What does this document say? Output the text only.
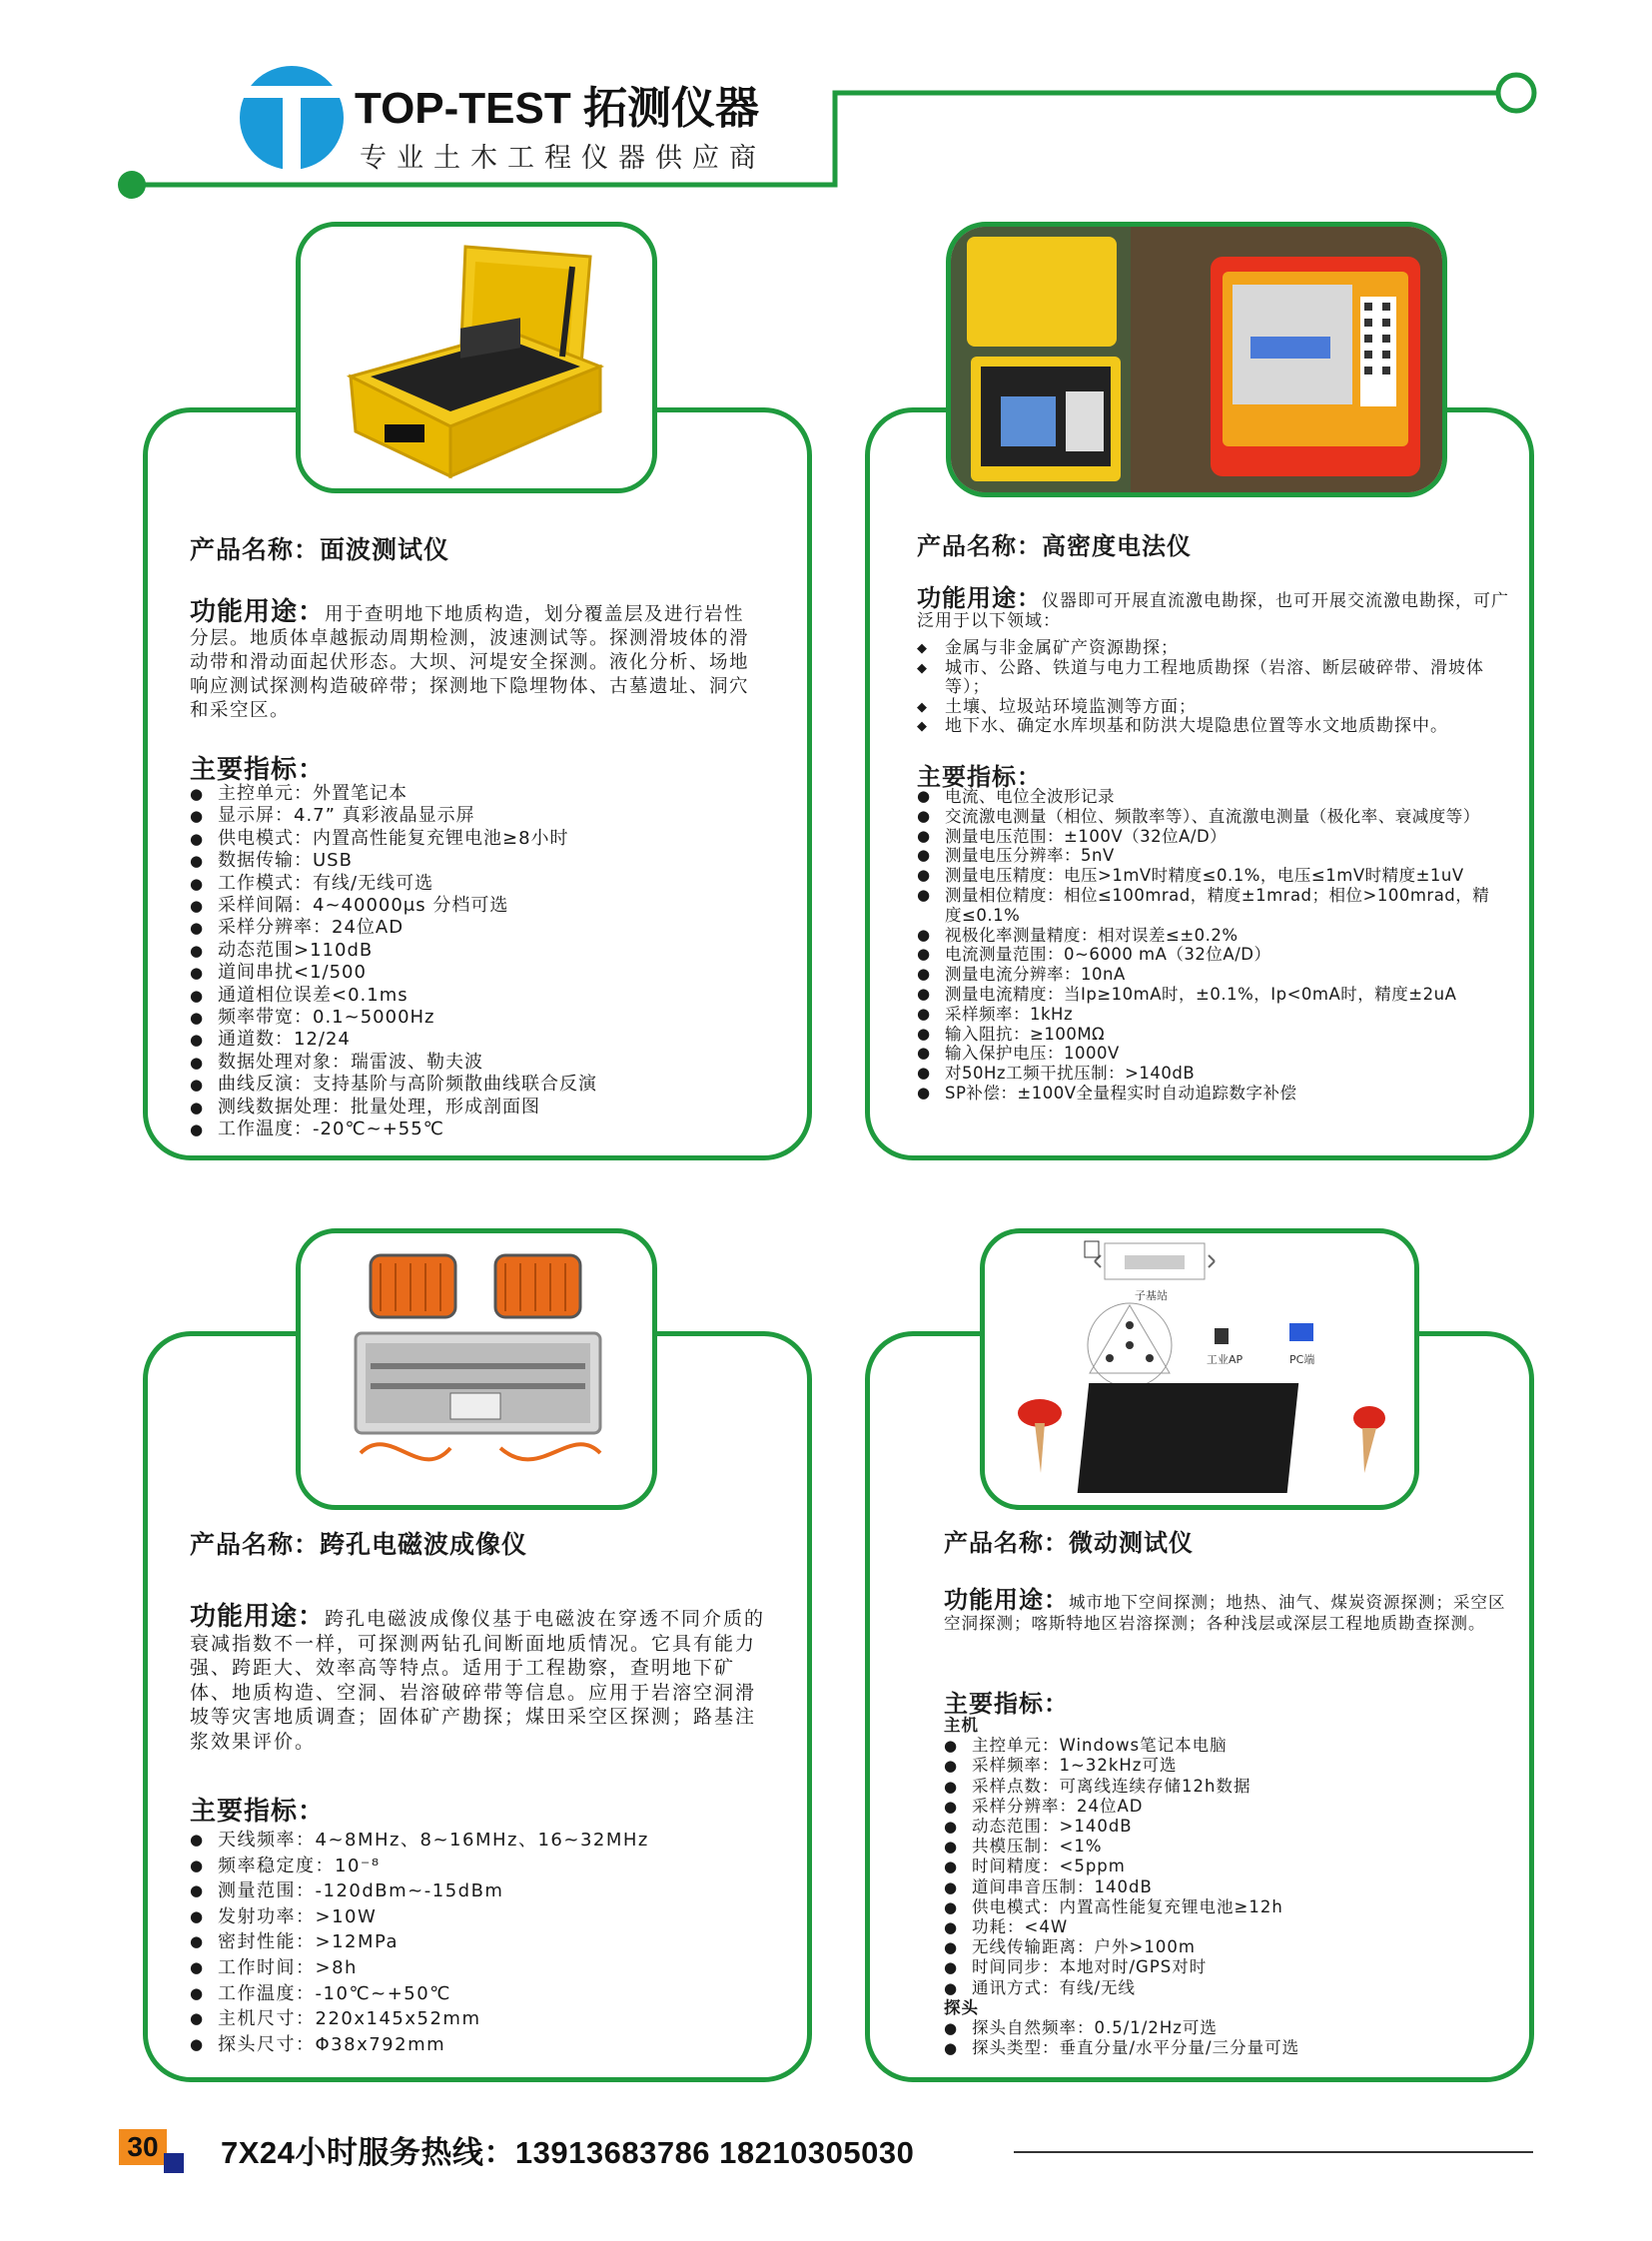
TOP-TEST 拓测仪器
专业土木工程仪器供应商
产品名称：面波测试仪
功能用途：用于查明地下地质构造，划分覆盖层及进行岩性分层。地质体卓越振动周期检测，波速测试等。探测滑坡体的滑动带和滑动面起伏形态。大坝、河堤安全探测。液化分析、场地响应测试探测构造破碎带；探测地下隐埋物体、古墓遗址、洞穴和采空区。
主要指标：
● 主控单元：外置笔记本
● 显示屏：4.7” 真彩液晶显示屏
● 供电模式：内置高性能复充锂电池≥8小时
● 数据传输：USB
● 工作模式：有线/无线可选
● 采样间隔：4~40000μs 分档可选
● 采样分辨率：24位AD
● 动态范围>110dB
● 道间串扰<1/500
● 通道相位误差<0.1ms
● 频率带宽：0.1~5000Hz
● 通道数：12/24
● 数据处理对象：瑞雷波、勒夫波
● 曲线反演：支持基阶与高阶频散曲线联合反演
● 测线数据处理：批量处理，形成剖面图
● 工作温度：-20℃~+55℃
产品名称：高密度电法仪
功能用途：仪器即可开展直流激电勘探，也可开展交流激电勘探，可广泛用于以下领域：
◆ 金属与非金属矿产资源勘探；
◆ 城市、公路、铁道与电力工程地质勘探（岩溶、断层破碎带、滑坡体等）；
◆ 土壤、垃圾站环境监测等方面；
◆ 地下水、确定水库坝基和防洪大堤隐患位置等水文地质勘探中。
主要指标：
● 电流、电位全波形记录
● 交流激电测量（相位、频散率等）、直流激电测量（极化率、衰减度等）
● 测量电压范围：±100V（32位A/D）
● 测量电压分辨率：5nV
● 测量电压精度：电压>1mV时精度≤0.1%，电压≤1mV时精度±1uV
● 测量相位精度：相位≤100mrad，精度±1mrad；相位>100mrad，精度≤0.1%
● 视极化率测量精度：相对误差≤±0.2%
● 电流测量范围：0~6000 mA（32位A/D）
● 测量电流分辨率：10nA
● 测量电流精度：当Ip≥10mA时，±0.1%，Ip<0mA时，精度±2uA
● 采样频率：1kHz
● 输入阻抗：≥100MΩ
● 输入保护电压：1000V
● 对50Hz工频干扰压制：>140dB
● SP补偿：±100V全量程实时自动追踪数字补偿
产品名称：跨孔电磁波成像仪
功能用途：跨孔电磁波成像仪基于电磁波在穿透不同介质的衰减指数不一样，可探测两钻孔间断面地质情况。它具有能力强、跨距大、效率高等特点。适用于工程勘察，查明地下矿体、地质构造、空洞、岩溶破碎带等信息。应用于岩溶空洞滑坡等灾害地质调查；固体矿产勘探；煤田采空区探测；路基注浆效果评价。
主要指标：
● 天线频率：4~8MHz、8~16MHz、16~32MHz
● 频率稳定度：10⁻⁸
● 测量范围：-120dBm~-15dBm
● 发射功率：>10W
● 密封性能：>12MPa
● 工作时间：>8h
● 工作温度：-10℃~+50℃
● 主机尺寸：220x145x52mm
● 探头尺寸：Φ38x792mm
子基站
工业AP	PC端
产品名称：微动测试仪
功能用途：城市地下空间探测；地热、油气、煤炭资源探测；采空区空洞探测；喀斯特地区岩溶探测；各种浅层或深层工程地质勘查探测。
主要指标：
主机
● 主控单元：Windows笔记本电脑
● 采样频率：1~32kHz可选
● 采样点数：可离线连续存储12h数据
● 采样分辨率：24位AD
● 动态范围：>140dB
● 共模压制：<1%
● 时间精度：<5ppm
● 道间串音压制：140dB
● 供电模式：内置高性能复充锂电池≥12h
● 功耗：<4W
● 无线传输距离：户外>100m
● 时间同步：本地对时/GPS对时
● 通讯方式：有线/无线
探头
● 探头自然频率：0.5/1/2Hz可选
● 探头类型：垂直分量/水平分量/三分量可选
30 7X24小时服务热线：13913683786 18210305030
